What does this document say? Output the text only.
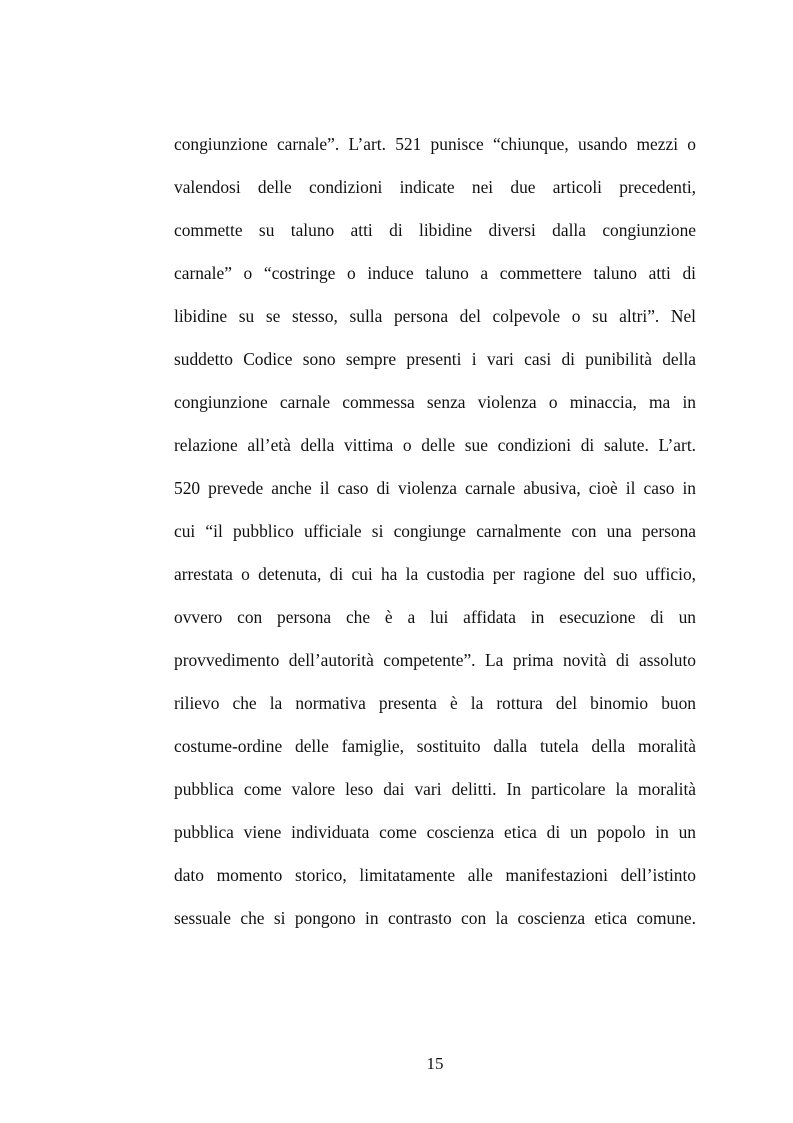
congiunzione carnale”. L’art. 521 punisce “chiunque, usando mezzi o
valendosi delle condizioni indicate nei due articoli precedenti,
commette su taluno atti di libidine diversi dalla congiunzione
carnale” o “costringe o induce taluno a commettere taluno atti di
libidine su se stesso, sulla persona del colpevole o su altri”. Nel
suddetto Codice sono sempre presenti i vari casi di punibilità della
congiunzione carnale commessa senza violenza o minaccia, ma in
relazione all’età della vittima o delle sue condizioni di salute. L’art.
520 prevede anche il caso di violenza carnale abusiva, cioè il caso in
cui “il pubblico ufficiale si congiunge carnalmente con una persona
arrestata o detenuta, di cui ha la custodia per ragione del suo ufficio,
ovvero con persona che è a lui affidata in esecuzione di un
provvedimento dell’autorità competente”. La prima novità di assoluto
rilievo che la normativa presenta è la rottura del binomio buon
costume-ordine delle famiglie, sostituito dalla tutela della moralità
pubblica come valore leso dai vari delitti. In particolare la moralità
pubblica viene individuata come coscienza etica di un popolo in un
dato momento storico, limitatamente alle manifestazioni dell’istinto
sessuale che si pongono in contrasto con la coscienza etica comune.
15
